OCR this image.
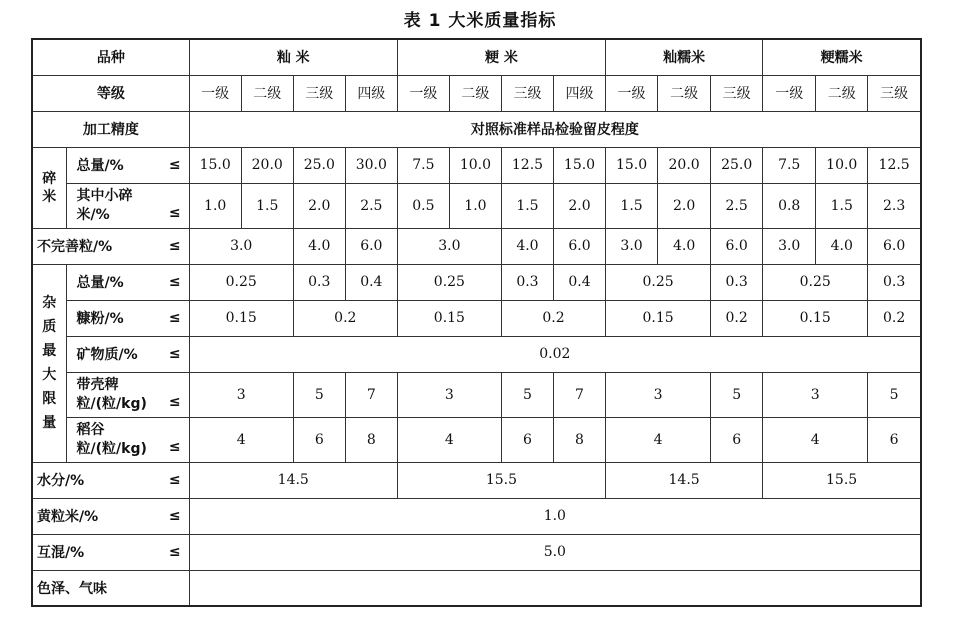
表 1 大米质量指标
品种		籼 米				粳 米				籼糯米			粳糯米		
等级		一级	二级	三级	四级	一级	二级	三级	四级	一级	二级	三级	一级	二级	三级
加工精度		对照标准样品检验留皮程度													
碎米	总量/% ≤	15.0	20.0	25.0	30.0	7.5	10.0	12.5	15.0	15.0	20.0	25.0	7.5	10.0	12.5

	其中小碎米/% ≤	1.0	1.5	2.0	2.5	0.5	1.0	1.5	2.0	1.5	2.0	2.5	0.8	1.5	2.3

不完善粒/% ≤		3.0		4.0	6.0	3.0		4.0	6.0	3.0	4.0	6.0	3.0	4.0	6.0
杂质最大限量	总量/% ≤	0.25		0.3	0.4	0.25		0.3	0.4	0.25		0.3	0.25		0.3

	糠粉/% ≤	0.15		0.2		0.15		0.2		0.15		0.2	0.15		0.2

	矿物质/% ≤	0.02													

	带壳稗粒/(粒/kg) ≤	3		5	7	3		5	7	3		5	3		5

	稻谷粒/(粒/kg) ≤	4		6	8	4		6	8	4		6	4		6

水分/% ≤		14.5				15.5				14.5			15.5		

黄粒米/% ≤		1.0													

互混/% ≤		5.0													

色泽、气味															
